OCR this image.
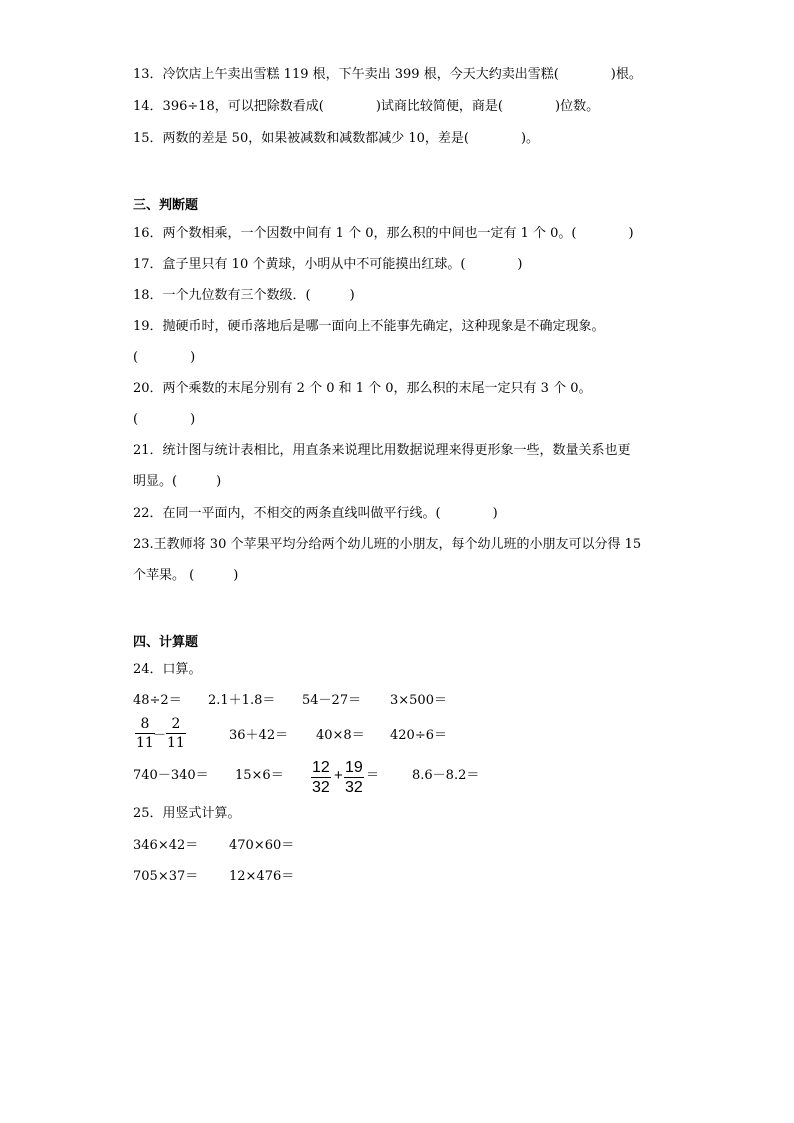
13．冷饮店上午卖出雪糕 119 根，下午卖出 399 根，今天大约卖出雪糕(　　　　)根。
14．396÷18，可以把除数看成(　　　　)试商比较简便，商是(　　　　)位数。
15．两数的差是 50，如果被减数和减数都减少 10，差是(　　　　)。
三、判断题
16．两个数相乘，一个因数中间有 1 个 0，那么积的中间也一定有 1 个 0。(　　　　)
17．盒子里只有 10 个黄球，小明从中不可能摸出红球。(　　　　)
18．一个九位数有三个数级．(　　　)
19．抛硬币时，硬币落地后是哪一面向上不能事先确定，这种现象是不确定现象。
(　　　　)
20．两个乘数的末尾分别有 2 个 0 和 1 个 0，那么积的末尾一定只有 3 个 0。
(　　　　)
21．统计图与统计表相比，用直条来说理比用数据说理来得更形象一些，数量关系也更
明显。(　　　)
22．在同一平面内，不相交的两条直线叫做平行线。(　　　　)
23.王教师将 30 个苹果平均分给两个幼儿班的小朋友，每个幼儿班的小朋友可以分得 15
个苹果。 (　　　)
四、计算题
24．口算。
48÷2＝ 2.1＋1.8＝ 54－27＝ 3×500＝
8
11 －
2
11	36＋42＝ 40×8＝ 420÷6＝
740－340＝ 15×6＝ 12
32
+ 19
32
＝	8.6－8.2＝
25．用竖式计算。
346×42＝ 470×60＝
705×37＝ 12×476＝
